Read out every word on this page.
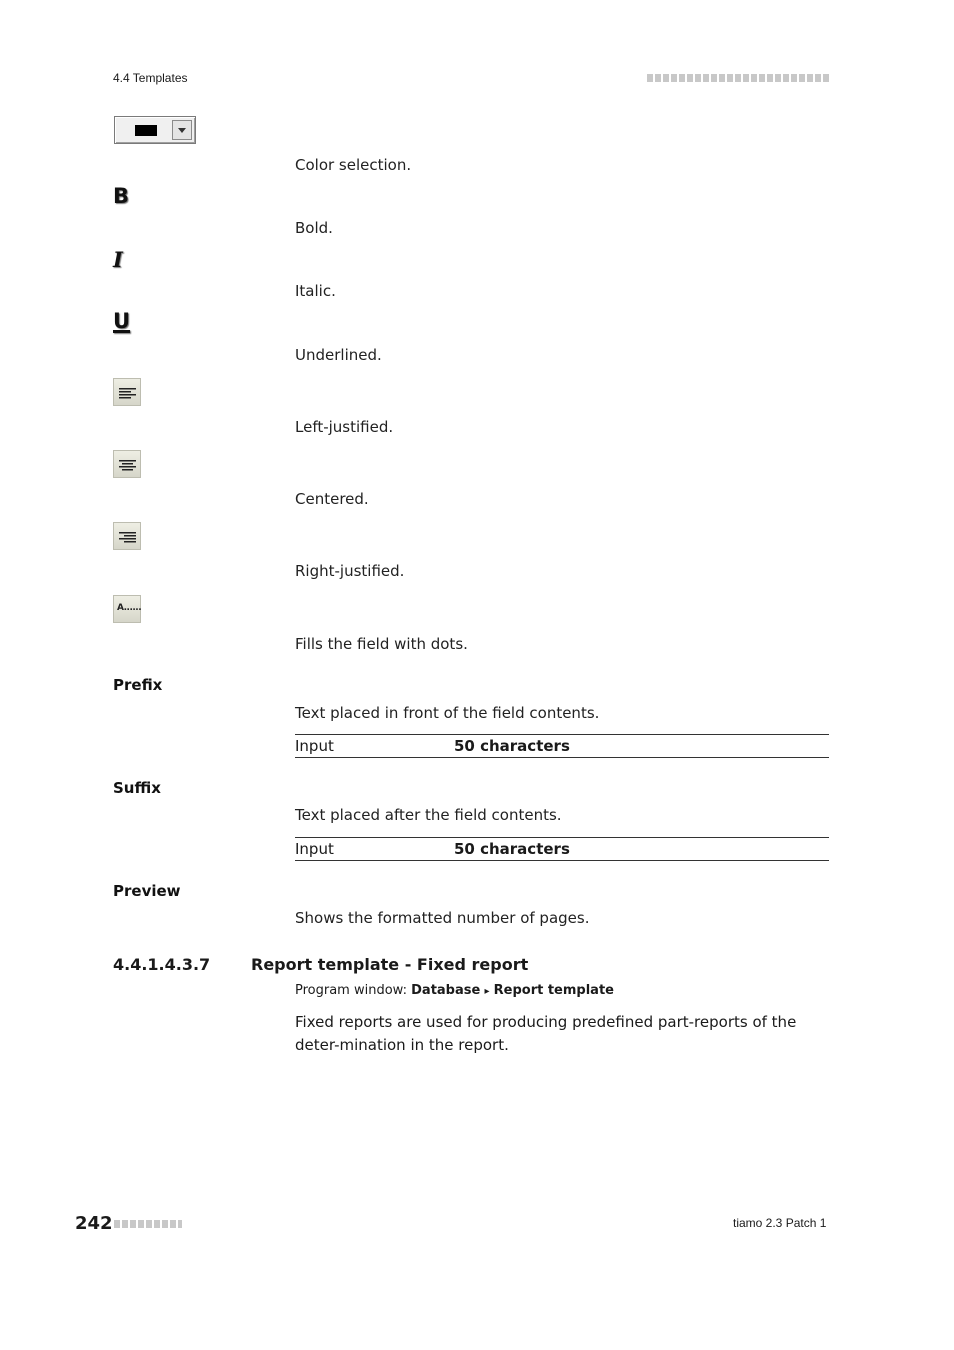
4.4 Templates
Color selection.
B
Bold.
I
Italic.
U
Underlined.
Left-justified.
Centered.
Right-justified.
A......
Fills the field with dots.
Prefix
Text placed in front of the field contents.
Input	50 characters
Suffix
Text placed after the field contents.
Input	50 characters
Preview
Shows the formatted number of pages.
4.4.1.4.3.7	Report template - Fixed report
Program window: Database ▸ Report template
Fixed reports are used for producing predefined part-reports of the deter-mination in the report.
242	tiamo 2.3 Patch 1
